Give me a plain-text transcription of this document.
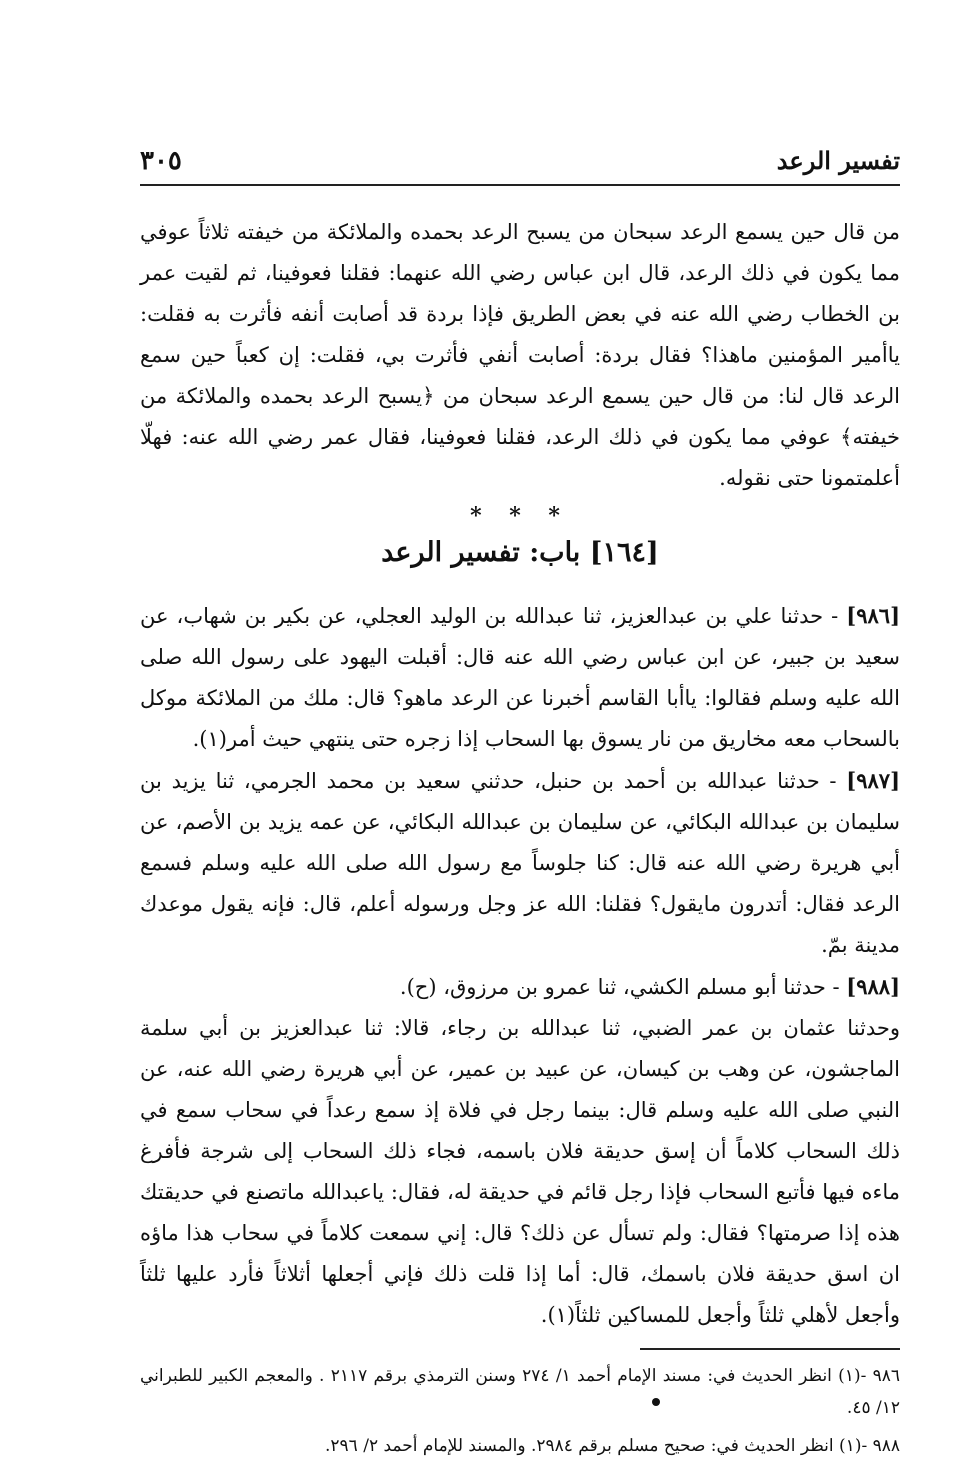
تفسير الرعد
٣٠٥

من قال حين يسمع الرعد سبحان من يسبح الرعد بحمده والملائكة من خيفته ثلاثاً عوفي مما يكون في ذلك الرعد، قال ابن عباس رضي الله عنهما: فقلنا فعوفينا، ثم لقيت عمر بن الخطاب رضي الله عنه في بعض الطريق فإذا بردة قد أصابت أنفه فأثرت به فقلت: ياأمير المؤمنين ماهذا؟ فقال بردة: أصابت أنفي فأثرت بي، فقلت: إن كعباً حين سمع الرعد قال لنا: من قال حين يسمع الرعد سبحان من ﴿يسبح الرعد بحمده والملائكة من خيفته﴾ عوفي مما يكون في ذلك الرعد، فقلنا فعوفينا، فقال عمر رضي الله عنه: فهلّا أعلمتمونا حتى نقوله.

* * *
[١٦٤] باب: تفسير الرعد

[٩٨٦] - حدثنا علي بن عبدالعزيز، ثنا عبدالله بن الوليد العجلي، عن بكير بن شهاب، عن سعيد بن جبير، عن ابن عباس رضي الله عنه قال: أقبلت اليهود على رسول الله صلى الله عليه وسلم فقالوا: ياأبا القاسم أخبرنا عن الرعد ماهو؟ قال: ملك من الملائكة موكل بالسحاب معه مخاريق من نار يسوق بها السحاب إذا زجره حتى ينتهي حيث أمر(١).

[٩٨٧] - حدثنا عبدالله بن أحمد بن حنبل، حدثني سعيد بن محمد الجرمي، ثنا يزيد بن سليمان بن عبدالله البكائي، عن سليمان بن عبدالله البكائي، عن عمه يزيد بن الأصم، عن أبي هريرة رضي الله عنه قال: كنا جلوساً مع رسول الله صلى الله عليه وسلم فسمع الرعد فقال: أتدرون مايقول؟ فقلنا: الله عز وجل ورسوله أعلم، قال: فإنه يقول موعدك مدينة بمّ.

[٩٨٨] - حدثنا أبو مسلم الكشي، ثنا عمرو بن مرزوق، (ح).

وحدثنا عثمان بن عمر الضبي، ثنا عبدالله بن رجاء، قالا: ثنا عبدالعزيز بن أبي سلمة الماجشون، عن وهب بن كيسان، عن عبيد بن عمير، عن أبي هريرة رضي الله عنه، عن النبي صلى الله عليه وسلم قال: بينما رجل في فلاة إذ سمع رعداً في سحاب سمع في ذلك السحاب كلاماً أن إسق حديقة فلان باسمه، فجاء ذلك السحاب إلى شرجة فأفرغ ماءه فيها فأتبع السحاب فإذا رجل قائم في حديقة له، فقال: ياعبدالله ماتصنع في حديقتك هذه إذا صرمتها؟ فقال: ولم تسأل عن ذلك؟ قال: إني سمعت كلاماً في سحاب هذا ماؤه ان اسق حديقة فلان باسمك، قال: أما إذا قلت ذلك فإني أجعلها أثلاثاً فأرد عليها ثلثاً وأجعل لأهلي ثلثاً وأجعل للمساكين ثلثاً(١).

٩٨٦ -(١) انظر الحديث في: مسند الإمام أحمد ١/ ٢٧٤ وسنن الترمذي برقم ٢١١٧ . والمعجم الكبير للطبراني ١٢/ ٤٥.

٩٨٨ -(١) انظر الحديث في: صحيح مسلم برقم ٢٩٨٤. والمسند للإمام أحمد ٢/ ٢٩٦.
